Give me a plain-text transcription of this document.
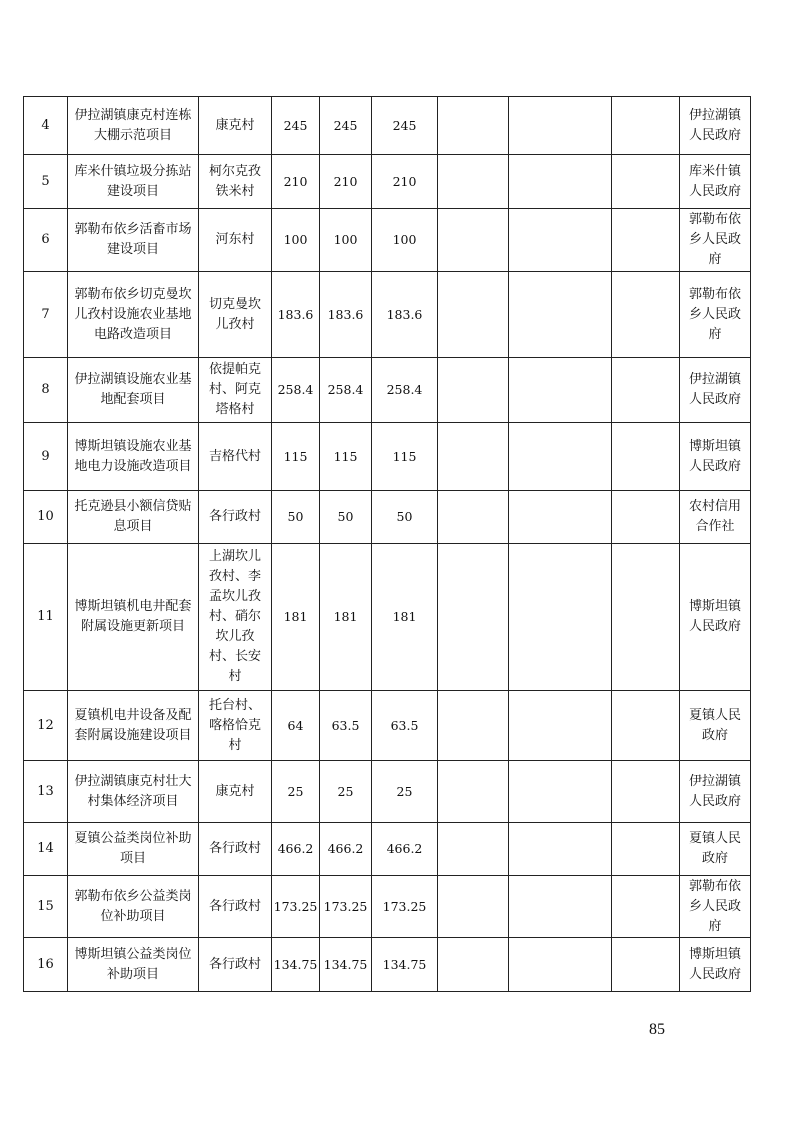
4	伊拉湖镇康克村连栋大棚示范项目	康克村	245	245	245				伊拉湖镇人民政府
5	库米什镇垃圾分拣站建设项目	柯尔克孜铁米村	210	210	210				库米什镇人民政府
6	郭勒布依乡活畜市场建设项目	河东村	100	100	100				郭勒布依乡人民政府
7	郭勒布依乡切克曼坎儿孜村设施农业基地电路改造项目	切克曼坎儿孜村	183.6	183.6	183.6				郭勒布依乡人民政府
8	伊拉湖镇设施农业基地配套项目	依提帕克村、阿克塔格村	258.4	258.4	258.4				伊拉湖镇人民政府
9	博斯坦镇设施农业基地电力设施改造项目	吉格代村	115	115	115				博斯坦镇人民政府
10	托克逊县小额信贷贴息项目	各行政村	50	50	50				农村信用合作社
11	博斯坦镇机电井配套附属设施更新项目	上湖坎儿孜村、李孟坎儿孜村、硝尔坎儿孜村、长安村	181	181	181				博斯坦镇人民政府
12	夏镇机电井设备及配套附属设施建设项目	托台村、喀格恰克村	64	63.5	63.5				夏镇人民政府
13	伊拉湖镇康克村壮大村集体经济项目	康克村	25	25	25				伊拉湖镇人民政府
14	夏镇公益类岗位补助项目	各行政村	466.2	466.2	466.2				夏镇人民政府
15	郭勒布依乡公益类岗位补助项目	各行政村	173.25	173.25	173.25				郭勒布依乡人民政府
16	博斯坦镇公益类岗位补助项目	各行政村	134.75	134.75	134.75				博斯坦镇人民政府
85
